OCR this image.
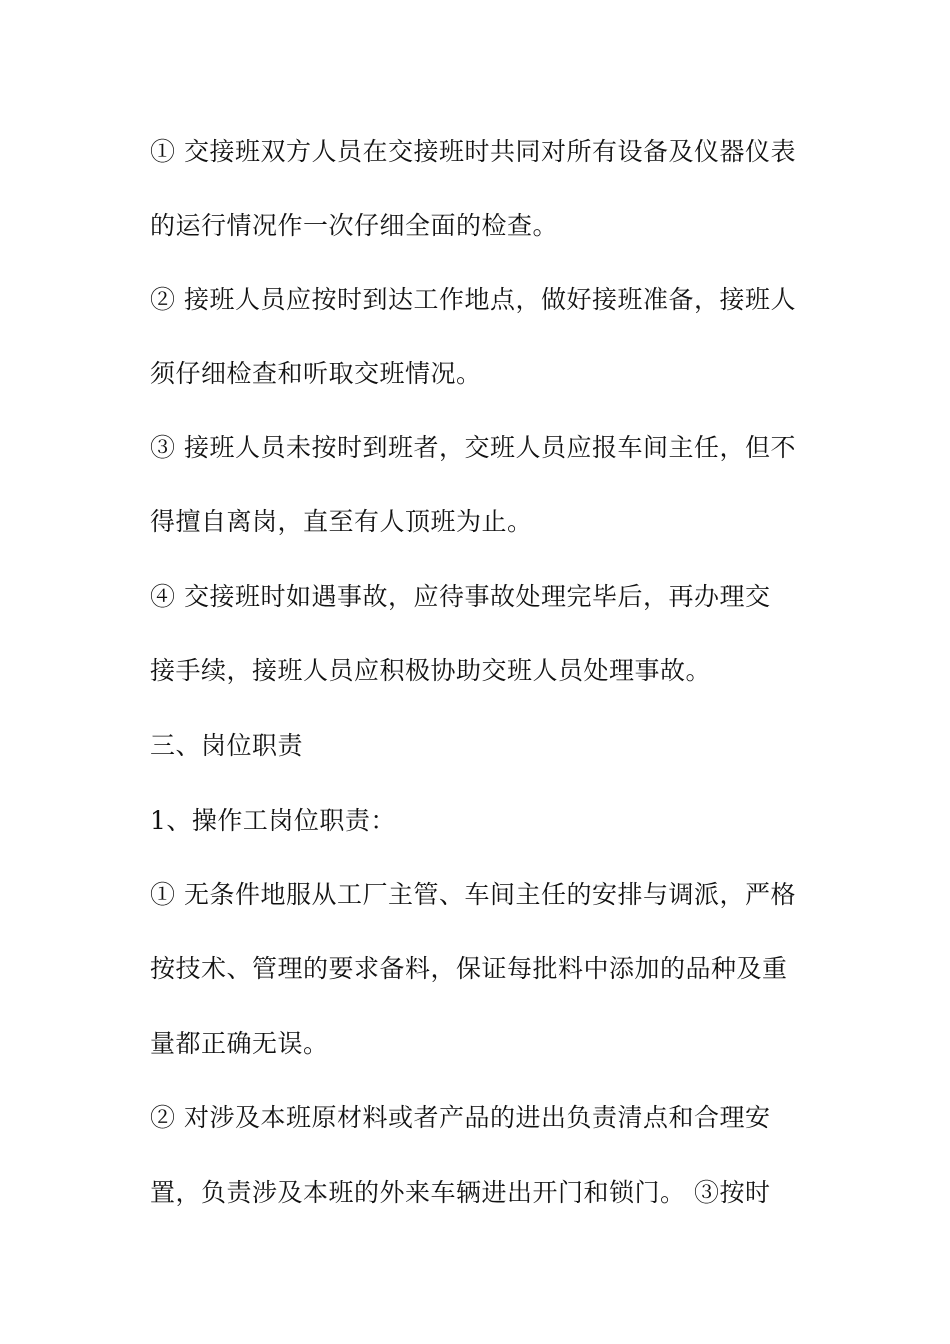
① 交接班双方人员在交接班时共同对所有设备及仪器仪表
的运行情况作一次仔细全面的检查。
② 接班人员应按时到达工作地点，做好接班准备，接班人
须仔细检查和听取交班情况。
③ 接班人员未按时到班者，交班人员应报车间主任，但不
得擅自离岗，直至有人顶班为止。
④ 交接班时如遇事故，应待事故处理完毕后，再办理交
接手续，接班人员应积极协助交班人员处理事故。
三、岗位职责
1、操作工岗位职责：
① 无条件地服从工厂主管、车间主任的安排与调派，严格
按技术、管理的要求备料，保证每批料中添加的品种及重
量都正确无误。
② 对涉及本班原材料或者产品的进出负责清点和合理安
置，负责涉及本班的外来车辆进出开门和锁门。 ③按时
